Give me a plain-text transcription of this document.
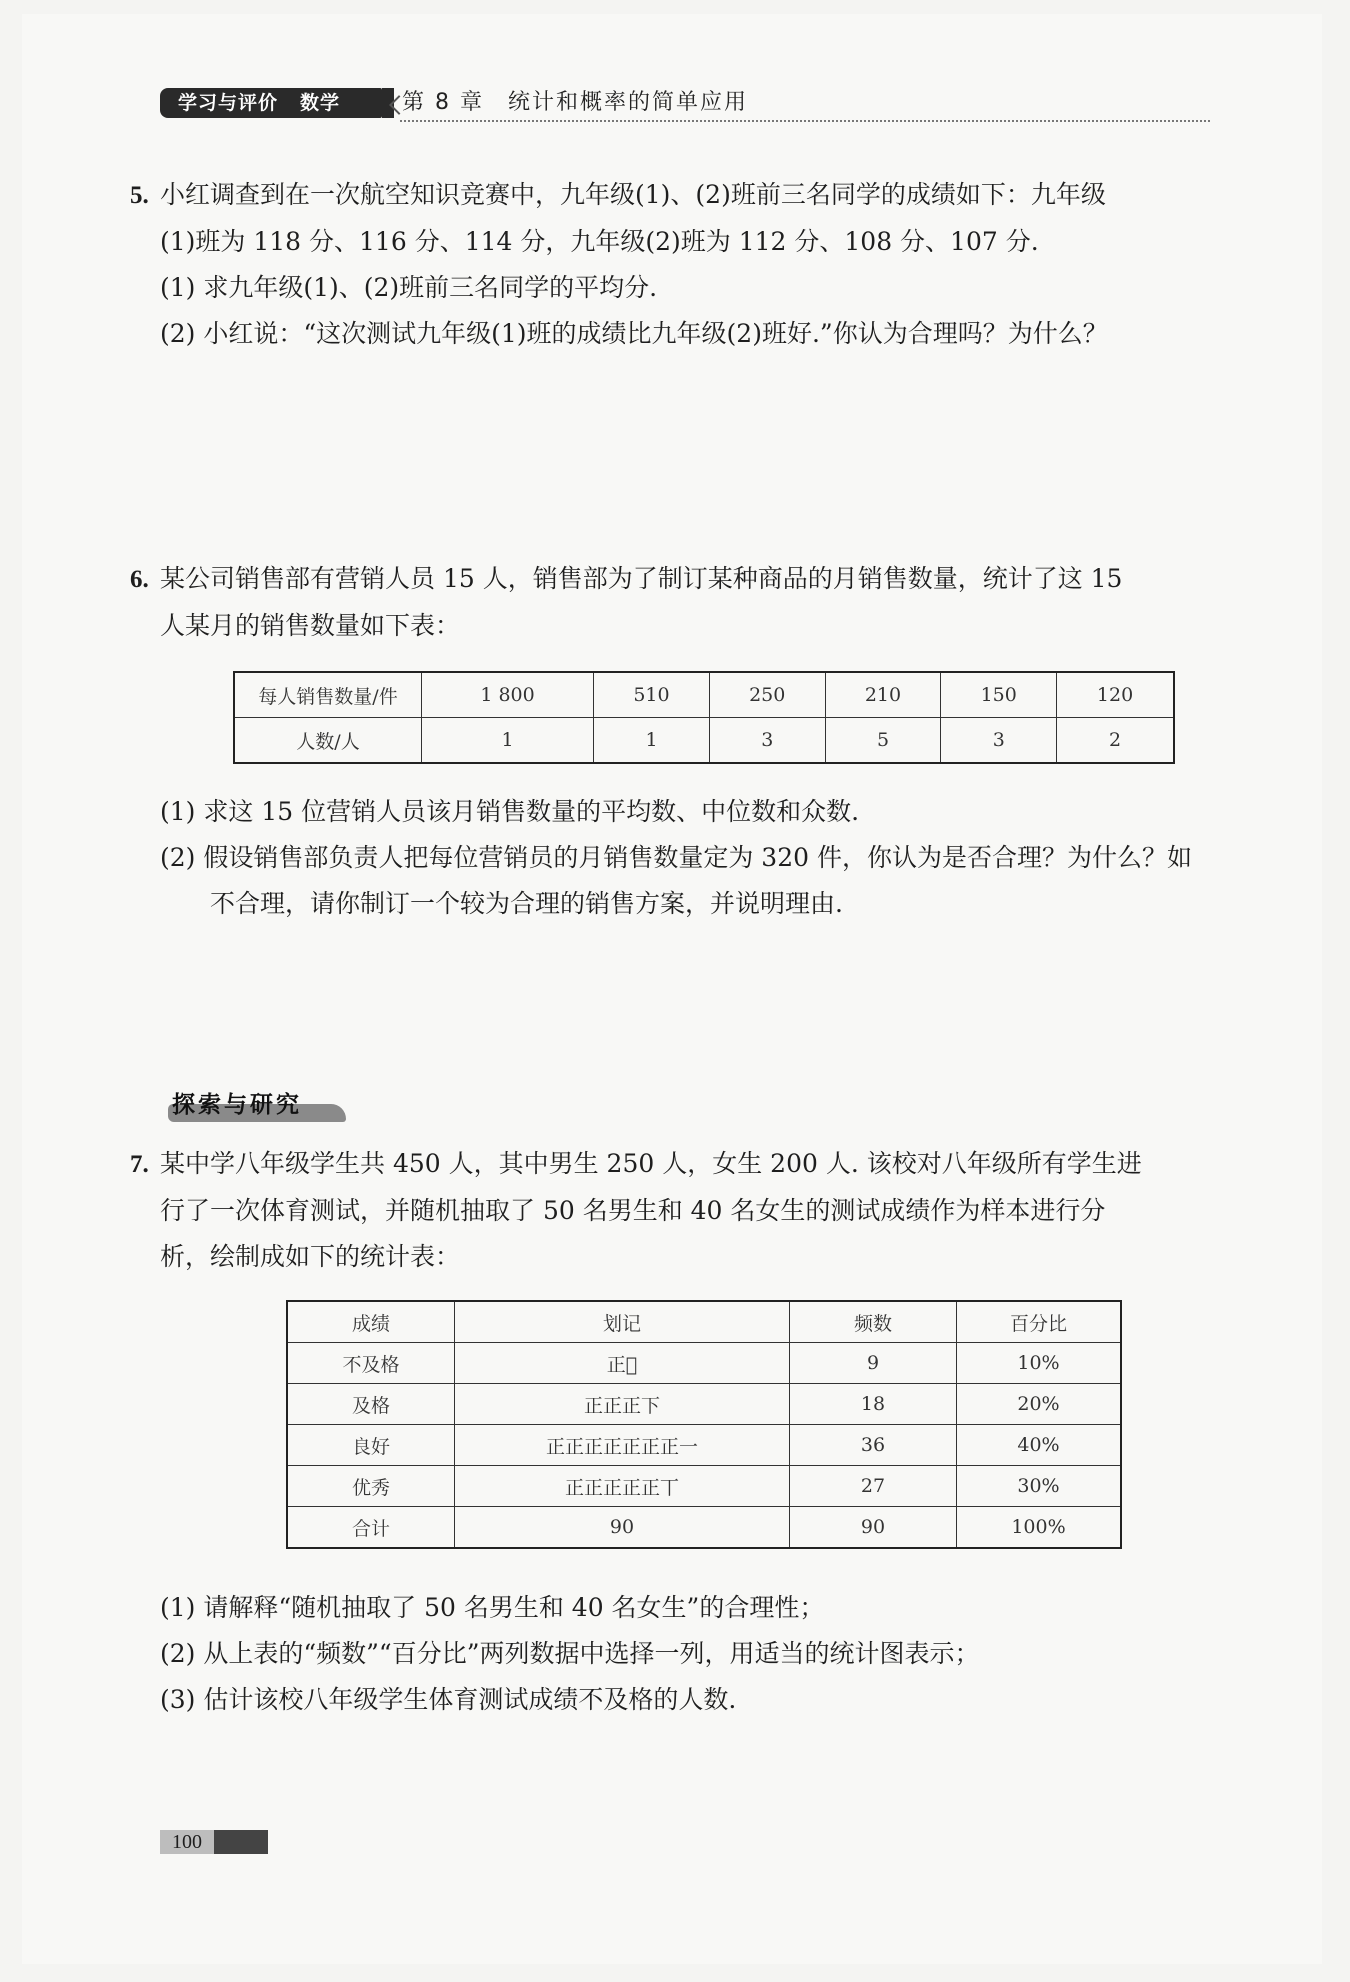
学习与评价 数学	第 8 章　统计和概率的简单应用

5. 小红调查到在一次航空知识竞赛中，九年级(1)、(2)班前三名同学的成绩如下：九年级

(1)班为 118 分、116 分、114 分，九年级(2)班为 112 分、108 分、107 分.

(1) 求九年级(1)、(2)班前三名同学的平均分.

(2) 小红说：“这次测试九年级(1)班的成绩比九年级(2)班好.”你认为合理吗？为什么？

6. 某公司销售部有营销人员 15 人，销售部为了制订某种商品的月销售数量，统计了这 15

人某月的销售数量如下表：

每人销售数量/件	1 800	510	250	210	150	120
人数/人	1	1	3	5	3	2

(1) 求这 15 位营销人员该月销售数量的平均数、中位数和众数.

(2) 假设销售部负责人把每位营销员的月销售数量定为 320 件，你认为是否合理？为什么？如不合理，请你制订一个较为合理的销售方案，并说明理由.

探索与研究

7. 某中学八年级学生共 450 人，其中男生 250 人，女生 200 人. 该校对八年级所有学生进

行了一次体育测试，并随机抽取了 50 名男生和 40 名女生的测试成绩作为样本进行分

析，绘制成如下的统计表：

成绩	划记	频数	百分比
不及格	正𠀆	9	10%
及格	正正正下	18	20%
良好	正正正正正正正一	36	40%
优秀	正正正正正丅	27	30%
合计	90	90	100%

(1) 请解释“随机抽取了 50 名男生和 40 名女生”的合理性；

(2) 从上表的“频数”“百分比”两列数据中选择一列，用适当的统计图表示；

(3) 估计该校八年级学生体育测试成绩不及格的人数.

100
